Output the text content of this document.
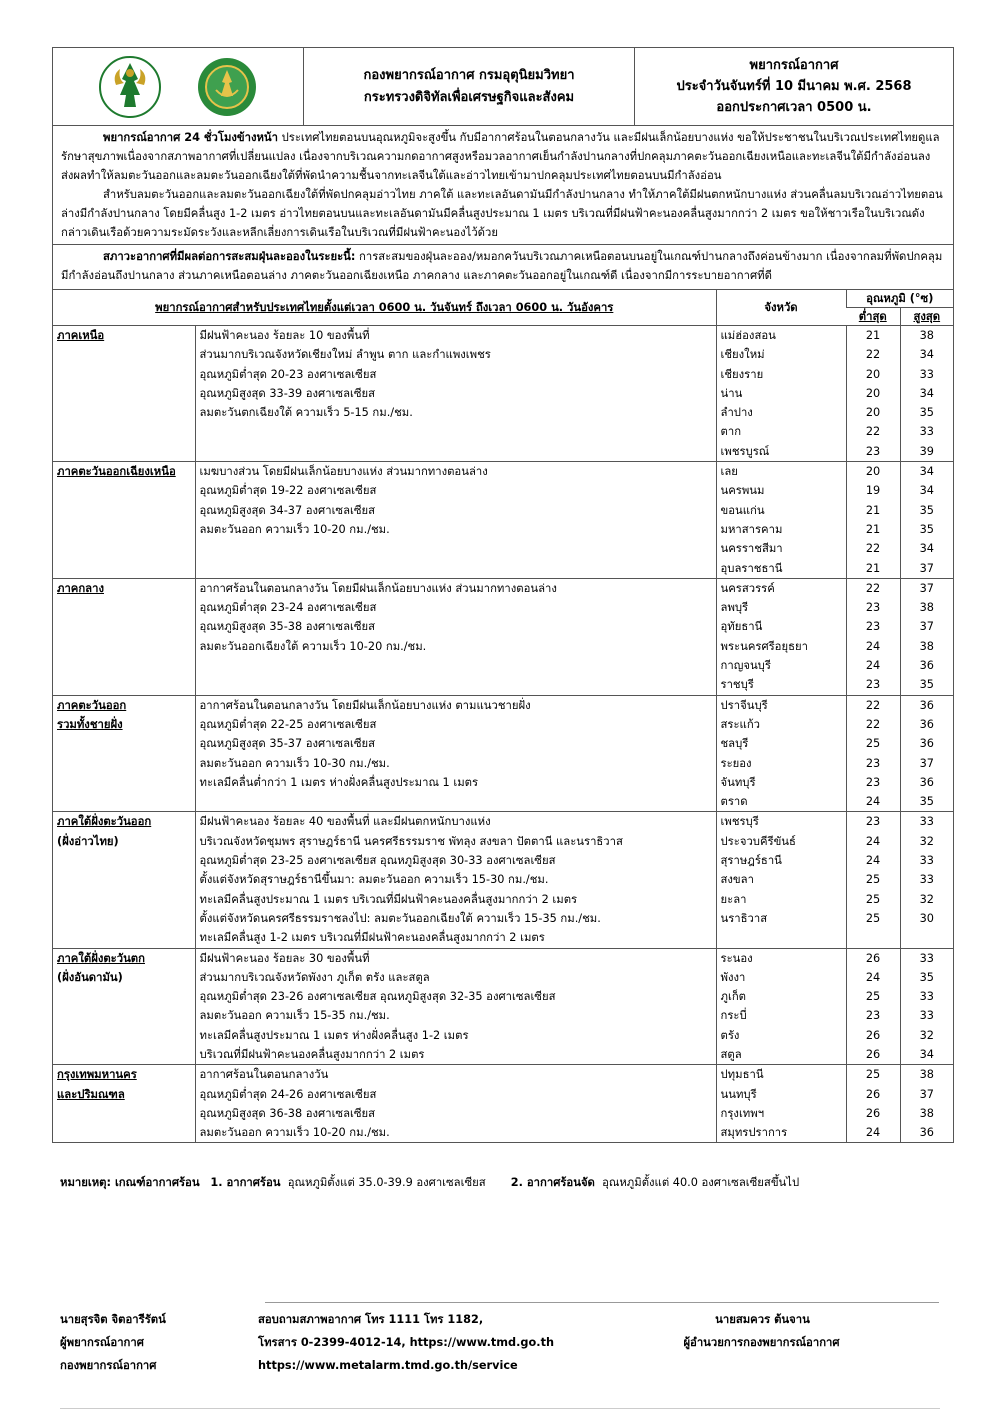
กองพยากรณ์อากาศ กรมอุตุนิยมวิทยา
กระทรวงดิจิทัลเพื่อเศรษฐกิจและสังคม
พยากรณ์อากาศ
ประจำวันจันทร์ที่ 10 มีนาคม พ.ศ. 2568
ออกประกาศเวลา 0500 น.
พยากรณ์อากาศ 24 ชั่วโมงข้างหน้า ประเทศไทยตอนบนอุณหภูมิจะสูงขึ้น กับมีอากาศร้อนในตอนกลางวัน และมีฝนเล็กน้อยบางแห่ง ขอให้ประชาชนในบริเวณประเทศไทยดูแลรักษาสุขภาพเนื่องจากสภาพอากาศที่เปลี่ยนแปลง เนื่องจากบริเวณความกดอากาศสูงหรือมวลอากาศเย็นกำลังปานกลางที่ปกคลุมภาคตะวันออกเฉียงเหนือและทะเลจีนใต้มีกำลังอ่อนลง ส่งผลทำให้ลมตะวันออกและลมตะวันออกเฉียงใต้ที่พัดนำความชื้นจากทะเลจีนใต้และอ่าวไทยเข้ามาปกคลุมประเทศไทยตอนบนมีกำลังอ่อน
สำหรับลมตะวันออกและลมตะวันออกเฉียงใต้ที่พัดปกคลุมอ่าวไทย ภาคใต้ และทะเลอันดามันมีกำลังปานกลาง ทำให้ภาคใต้มีฝนตกหนักบางแห่ง ส่วนคลื่นลมบริเวณอ่าวไทยตอนล่างมีกำลังปานกลาง โดยมีคลื่นสูง 1-2 เมตร อ่าวไทยตอนบนและทะเลอันดามันมีคลื่นสูงประมาณ 1 เมตร บริเวณที่มีฝนฟ้าคะนองคลื่นสูงมากกว่า 2 เมตร ขอให้ชาวเรือในบริเวณดังกล่าวเดินเรือด้วยความระมัดระวังและหลีกเลี่ยงการเดินเรือในบริเวณที่มีฝนฟ้าคะนองไว้ด้วย
สภาวะอากาศที่มีผลต่อการสะสมฝุ่นละอองในระยะนี้: การสะสมของฝุ่นละออง/หมอกควันบริเวณภาคเหนือตอนบนอยู่ในเกณฑ์ปานกลางถึงค่อนข้างมาก เนื่องจากลมที่พัดปกคลุมมีกำลังอ่อนถึงปานกลาง ส่วนภาคเหนือตอนล่าง ภาคตะวันออกเฉียงเหนือ ภาคกลาง และภาคตะวันออกอยู่ในเกณฑ์ดี เนื่องจากมีการระบายอากาศที่ดี
พยากรณ์อากาศสำหรับประเทศไทยตั้งแต่เวลา 0600 น. วันจันทร์ ถึงเวลา 0600 น. วันอังคาร		จังหวัด	อุณหภูมิ (°ซ)	
			ต่ำสุด	สูงสุด
ภาคเหนือ	มีฝนฟ้าคะนอง ร้อยละ 10 ของพื้นที่	แม่ฮ่องสอน	21	38
	ส่วนมากบริเวณจังหวัดเชียงใหม่ ลำพูน ตาก และกำแพงเพชร	เชียงใหม่	22	34
	อุณหภูมิต่ำสุด 20-23 องศาเซลเซียส	เชียงราย	20	33
	อุณหภูมิสูงสุด 33-39 องศาเซลเซียส	น่าน	20	34
	ลมตะวันตกเฉียงใต้ ความเร็ว 5-15 กม./ชม.	ลำปาง	20	35
		ตาก	22	33
		เพชรบูรณ์	23	39
ภาคตะวันออกเฉียงเหนือ	เมฆบางส่วน โดยมีฝนเล็กน้อยบางแห่ง ส่วนมากทางตอนล่าง	เลย	20	34
	อุณหภูมิต่ำสุด 19-22 องศาเซลเซียส	นครพนม	19	34
	อุณหภูมิสูงสุด 34-37 องศาเซลเซียส	ขอนแก่น	21	35
	ลมตะวันออก ความเร็ว 10-20 กม./ชม.	มหาสารคาม	21	35
		นครราชสีมา	22	34
		อุบลราชธานี	21	37
ภาคกลาง	อากาศร้อนในตอนกลางวัน โดยมีฝนเล็กน้อยบางแห่ง ส่วนมากทางตอนล่าง	นครสวรรค์	22	37
	อุณหภูมิต่ำสุด 23-24 องศาเซลเซียส	ลพบุรี	23	38
	อุณหภูมิสูงสุด 35-38 องศาเซลเซียส	อุทัยธานี	23	37
	ลมตะวันออกเฉียงใต้ ความเร็ว 10-20 กม./ชม.	พระนครศรีอยุธยา	24	38
		กาญจนบุรี	24	36
		ราชบุรี	23	35
ภาคตะวันออก	อากาศร้อนในตอนกลางวัน โดยมีฝนเล็กน้อยบางแห่ง ตามแนวชายฝั่ง	ปราจีนบุรี	22	36
รวมทั้งชายฝั่ง	อุณหภูมิต่ำสุด 22-25 องศาเซลเซียส	สระแก้ว	22	36
	อุณหภูมิสูงสุด 35-37 องศาเซลเซียส	ชลบุรี	25	36
	ลมตะวันออก ความเร็ว 10-30 กม./ชม.	ระยอง	23	37
	ทะเลมีคลื่นต่ำกว่า 1 เมตร ห่างฝั่งคลื่นสูงประมาณ 1 เมตร	จันทบุรี	23	36
		ตราด	24	35
ภาคใต้ฝั่งตะวันออก	มีฝนฟ้าคะนอง ร้อยละ 40 ของพื้นที่ และมีฝนตกหนักบางแห่ง	เพชรบุรี	23	33
(ฝั่งอ่าวไทย)	บริเวณจังหวัดชุมพร สุราษฎร์ธานี นครศรีธรรมราช พัทลุง สงขลา ปัตตานี และนราธิวาส	ประจวบคีรีขันธ์	24	32
	อุณหภูมิต่ำสุด 23-25 องศาเซลเซียส อุณหภูมิสูงสุด 30-33 องศาเซลเซียส	สุราษฎร์ธานี	24	33
	ตั้งแต่จังหวัดสุราษฎร์ธานีขึ้นมา: ลมตะวันออก ความเร็ว 15-30 กม./ชม.	สงขลา	25	33
	ทะเลมีคลื่นสูงประมาณ 1 เมตร บริเวณที่มีฝนฟ้าคะนองคลื่นสูงมากกว่า 2 เมตร	ยะลา	25	32
	ตั้งแต่จังหวัดนครศรีธรรมราชลงไป: ลมตะวันออกเฉียงใต้ ความเร็ว 15-35 กม./ชม.	นราธิวาส	25	30
	ทะเลมีคลื่นสูง 1-2 เมตร บริเวณที่มีฝนฟ้าคะนองคลื่นสูงมากกว่า 2 เมตร			
ภาคใต้ฝั่งตะวันตก	มีฝนฟ้าคะนอง ร้อยละ 30 ของพื้นที่	ระนอง	26	33
(ฝั่งอันดามัน)	ส่วนมากบริเวณจังหวัดพังงา ภูเก็ต ตรัง และสตูล	พังงา	24	35
	อุณหภูมิต่ำสุด 23-26 องศาเซลเซียส อุณหภูมิสูงสุด 32-35 องศาเซลเซียส	ภูเก็ต	25	33
	ลมตะวันออก ความเร็ว 15-35 กม./ชม.	กระบี่	23	33
	ทะเลมีคลื่นสูงประมาณ 1 เมตร ห่างฝั่งคลื่นสูง 1-2 เมตร	ตรัง	26	32
	บริเวณที่มีฝนฟ้าคะนองคลื่นสูงมากกว่า 2 เมตร	สตูล	26	34
กรุงเทพมหานคร	อากาศร้อนในตอนกลางวัน	ปทุมธานี	25	38
และปริมณฑล	อุณหภูมิต่ำสุด 24-26 องศาเซลเซียส	นนทบุรี	26	37
	อุณหภูมิสูงสุด 36-38 องศาเซลเซียส	กรุงเทพฯ	26	38
	ลมตะวันออก ความเร็ว 10-20 กม./ชม.	สมุทรปราการ	24	36
หมายเหตุ: เกณฑ์อากาศร้อน 1. อากาศร้อน อุณหภูมิตั้งแต่ 35.0-39.9 องศาเซลเซียส 2. อากาศร้อนจัด อุณหภูมิตั้งแต่ 40.0 องศาเซลเซียสขึ้นไป
นายสุรจิต จิตอารีรัตน์
ผู้พยากรณ์อากาศ
กองพยากรณ์อากาศ
สอบถามสภาพอากาศ โทร 1111 โทร 1182,
โทรสาร 0-2399-4012-14, https://www.tmd.go.th
https://www.metalarm.tmd.go.th/service
นายสมควร ต้นจาน
ผู้อำนวยการกองพยากรณ์อากาศ
